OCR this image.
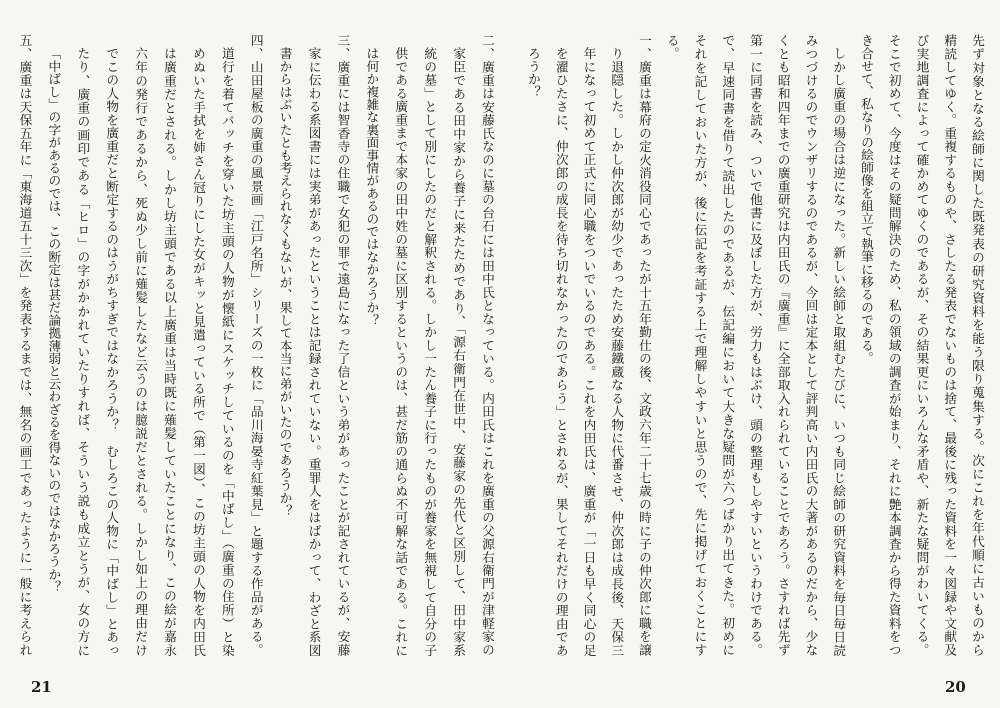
二、廣重は安藤氏なのに墓の台石には田中氏となっている。内田氏はこれを廣重の父源右衛門が津軽家の
家臣である田中家から養子に来たためであり、「源右衛門在世中、安藤家の先代と区別して、田中家系
統の墓」として別にしたのだと解釈される。しかし一たん養子に行ったものが養家を無視して自分の子
供である廣重まで本家の田中姓の墓に区別するというのは、甚だ筋の通らぬ不可解な話である。これに
は何か複雑な裏面事情があるのではなかろうか？
三、廣重には智香寺の住職で女犯の罪で遠島になった了信という弟があったことが記されているが、安藤
家に伝わる系図書には実弟があったということは記録されていない。重罪人をはばかって、わざと系図
書からはぶいたとも考えられなくもないが、果して本当に弟がいたのであろうか？
四、山田屋板の廣重の風景画「江戸名所」シリーズの一枚に「品川海晏寺紅葉見」と題する作品がある。
道行を着てパッチを穿いた坊主頭の人物が懐紙にスケッチしているのを「中ばし」（廣重の住所）と染
めぬいた手拭を姉さん冠りにした女がキッと見遣っている所で（第一図）、この坊主頭の人物を内田氏
は廣重だとされる。しかし坊主頭である以上廣重は当時既に薙髪していたことになり、この絵が嘉永
六年の発行であるから、死ぬ少し前に薙髪したなど云うのは臆説だとされる。しかし如上の理由だけ
でこの人物を廣重だと断定するのはうがちすぎではなかろうか？　むしろこの人物に「中ばし」とあっ
たり、廣重の画印である「ヒロ」の字がかかれていたりすれば、そういう説も成立とうが、女の方に
「中ばし」の字があるのでは、この断定は甚だ論拠薄弱と云わざるを得ないのではなかろうか？
五、廣重は天保五年に「東海道五十三次」を発表するまでは、無名の画工であったように一般に考えられ
21
先ず対象となる絵師に関した既発表の研究資料を能う限り蒐集する。次にこれを年代順に古いものから
精読してゆく。重複するものや、さしたる発表でないものは捨て、最後に残った資料を一々図録や文献及
び実地調査によって確かめてゆくのであるが、その結果更にいろんな矛盾や、新たな疑問がわいてくる。
そこで初めて、今度はその疑問解決のため、私の領域の調査が始まり、それに艶本調査から得た資料をつ
き合せて、私なりの絵師像を組立て執筆に移るのである。
しかし廣重の場合は逆になった。新しい絵師と取組むたびに、いつも同じ絵師の研究資料を毎日毎日読
みつづけるのでウンザリするのであるが、今回は定本として評判高い内田氏の大著があるのだから、少な
くとも昭和四年までの廣重研究は内田氏の『廣重』に全部取入れられていることであろう。さすれば先ず
第一に同書を読み、ついで他書に及ぼした方が、労力もはぶけ、頭の整理もしやすいというわけである。
で、早速同書を借りて読出したのであるが、伝記編において大きな疑問が六つばかり出てきた。初めに
それを記しておいた方が、後に伝記を考証する上で理解しやすいと思うので、先に掲げておくことにす
る。
一、廣重は幕府の定火消役同心であったが十五年勤仕の後、文政六年二十七歳の時に子の仲次郎に職を譲
り退隠した。しかし仲次郎が幼少であったため安藤鐵蔵なる人物に代番させ、仲次郎は成長後、天保三
年になって初めて正式に同心職をついでいるのである。これを内田氏は、廣重が「一日も早く同心の足
を濯ひたさに、仲次郎の成長を待ち切れなかったのであらう」とされるが、果してそれだけの理由であ
ろうか？
20
